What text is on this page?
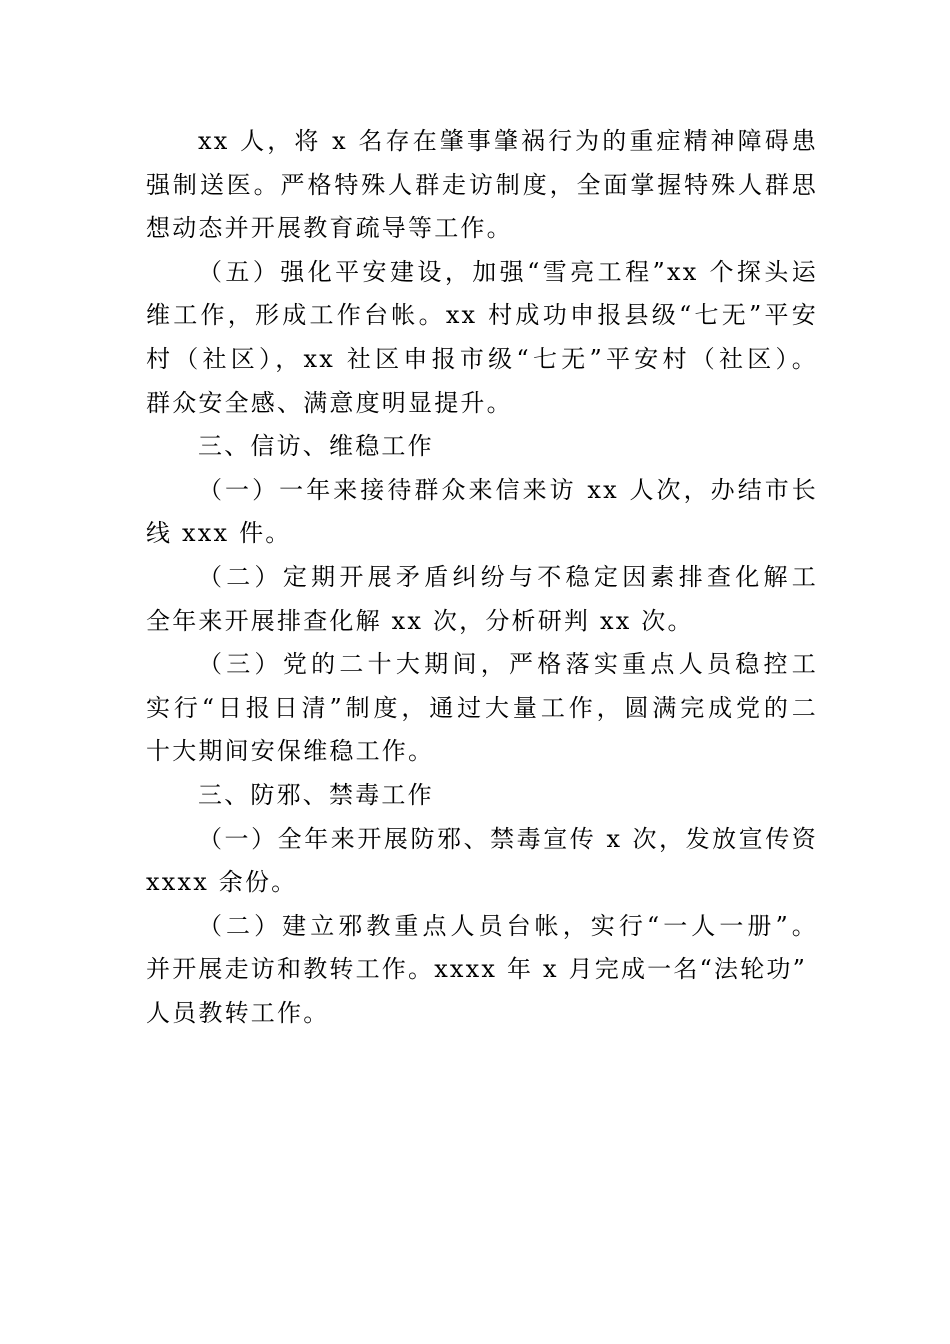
xx 人，将 x 名存在肇事肇祸行为的重症精神障碍患
强制送医。严格特殊人群走访制度，全面掌握特殊人群思
想动态并开展教育疏导等工作。
（五）强化平安建设，加强“雪亮工程”xx 个探头运
维工作，形成工作台帐。xx 村成功申报县级“七无”平安
村（社区），xx 社区申报市级“七无”平安村（社区）。
群众安全感、满意度明显提升。
三、信访、维稳工作
（一）一年来接待群众来信来访 xx 人次，办结市长
线 xxx 件。
（二）定期开展矛盾纠纷与不稳定因素排查化解工
全年来开展排查化解 xx 次，分析研判 xx 次。
（三）党的二十大期间，严格落实重点人员稳控工
实行“日报日清”制度，通过大量工作，圆满完成党的二
十大期间安保维稳工作。
三、防邪、禁毒工作
（一）全年来开展防邪、禁毒宣传 x 次，发放宣传资
xxxx 余份。
（二）建立邪教重点人员台帐，实行“一人一册”。
并开展走访和教转工作。xxxx 年 x 月完成一名“法轮功”
人员教转工作。
